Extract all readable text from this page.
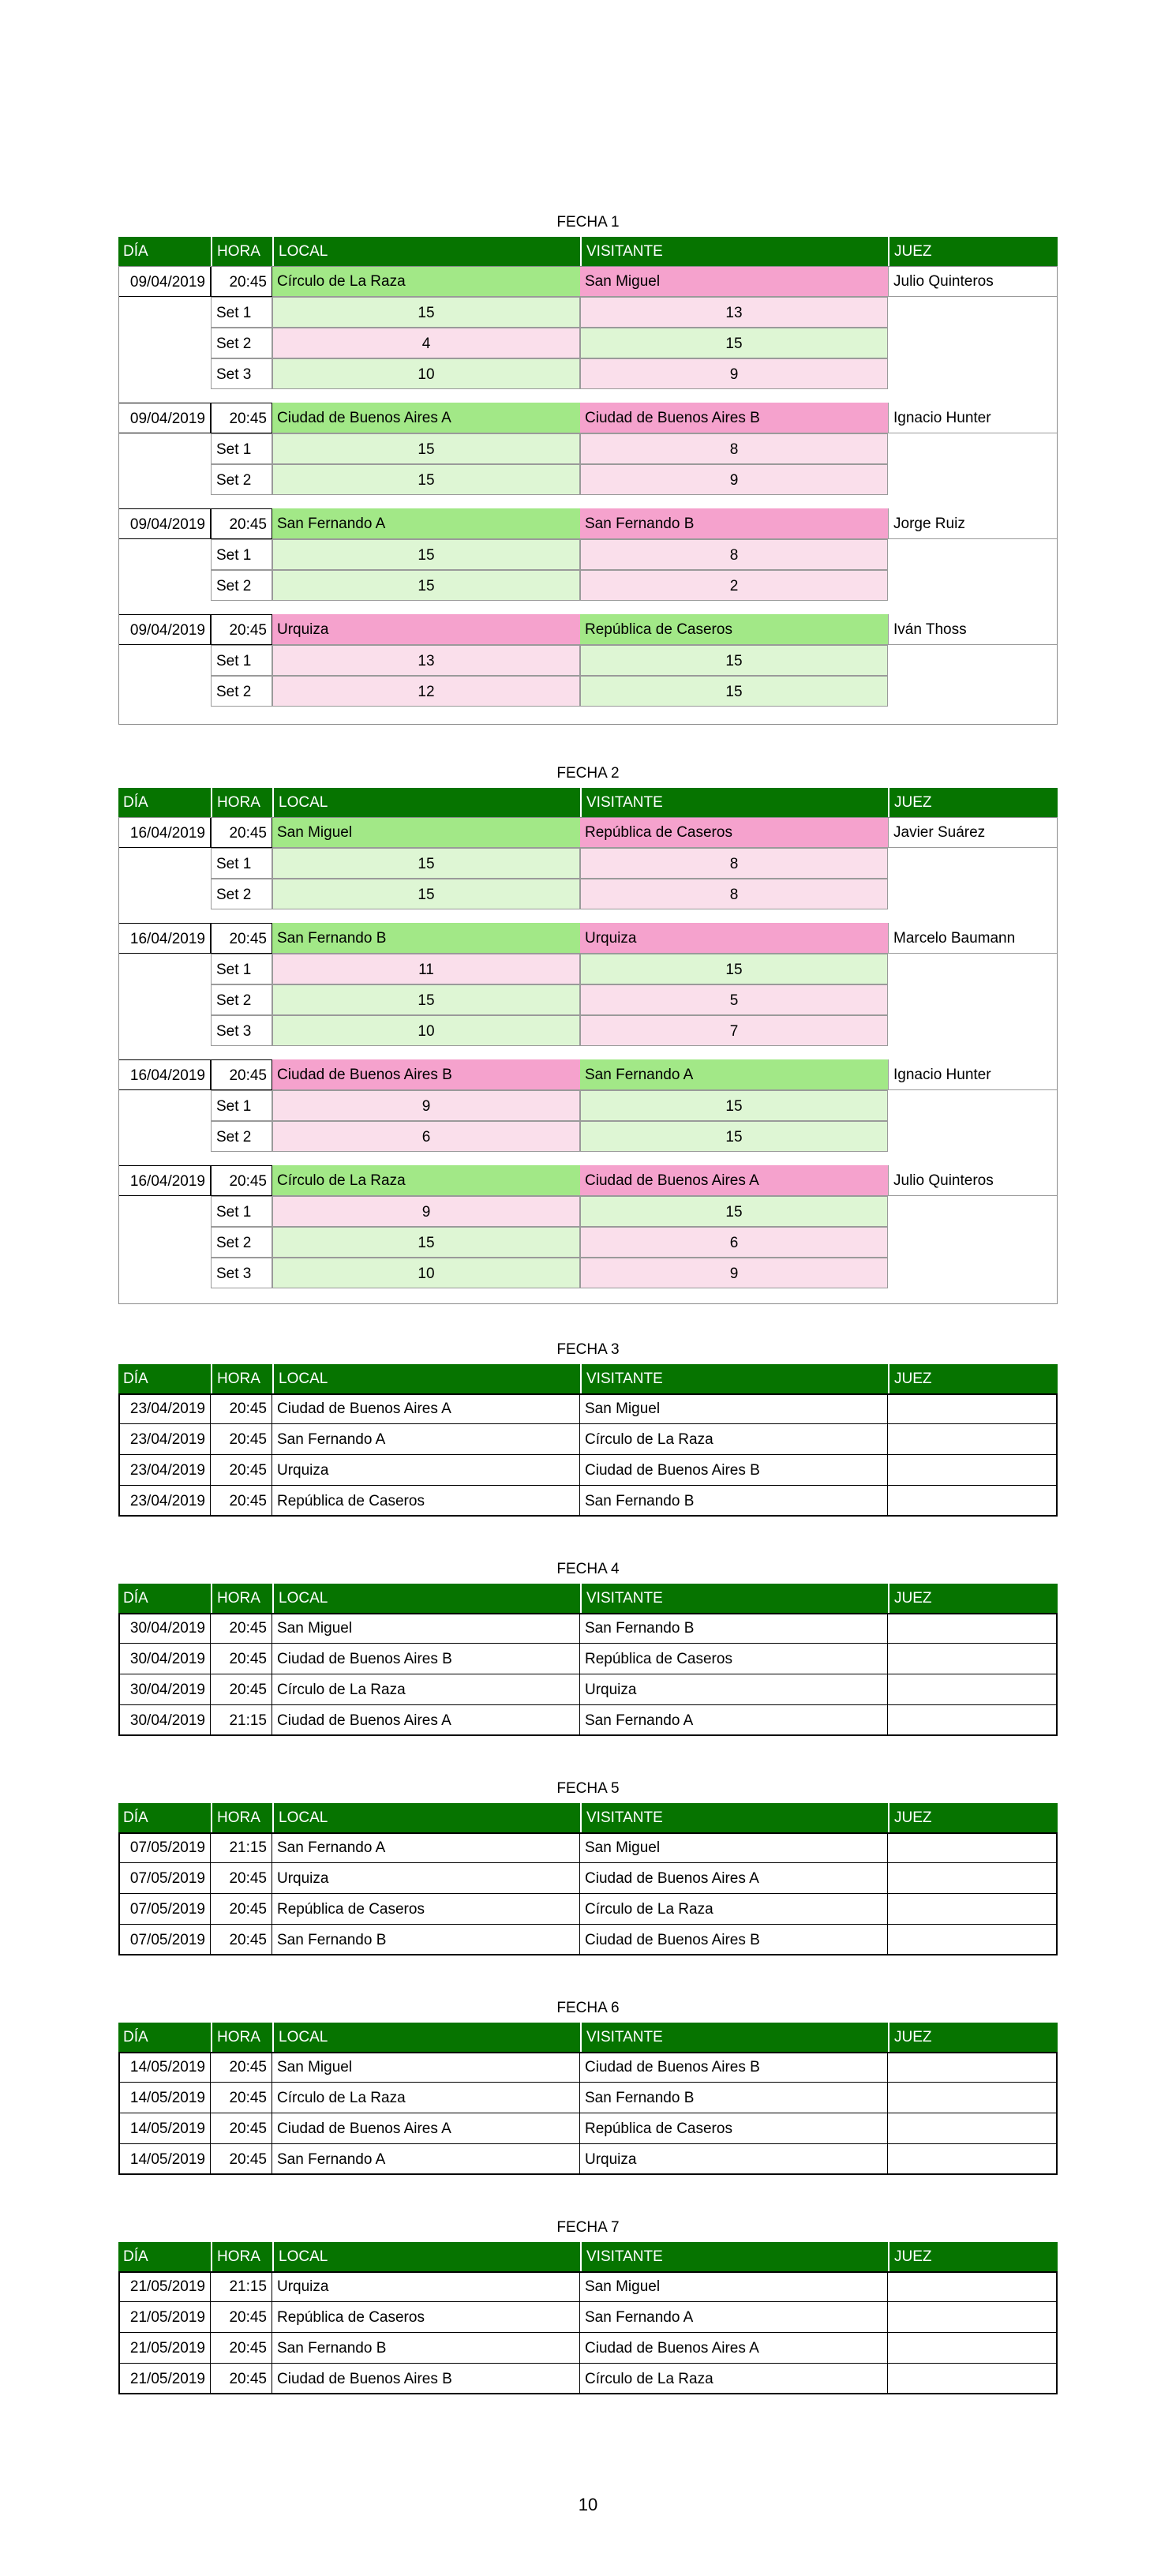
FECHA 1
DÍA	HORA	LOCAL	VISITANTE	JUEZ
09/04/2019	20:45 Círculo de La Raza	San Miguel	Julio Quinteros
Set 1	15	13
Set 2	4	15
Set 3	10	9
09/04/2019	20:45 Ciudad de Buenos Aires A	Ciudad de Buenos Aires B	Ignacio Hunter
Set 1	15	8
Set 2	15	9
09/04/2019	20:45 San Fernando A	San Fernando B	Jorge Ruiz
Set 1	15	8
Set 2	15	2
09/04/2019	20:45 Urquiza	República de Caseros	Iván Thoss
Set 1	13	15
Set 2	12	15
FECHA 2
DÍA	HORA	LOCAL	VISITANTE	JUEZ
16/04/2019	20:45 San Miguel	República de Caseros	Javier Suárez
Set 1	15	8
Set 2	15	8
16/04/2019	20:45 San Fernando B	Urquiza	Marcelo Baumann
Set 1	11	15
Set 2	15	5
Set 3	10	7
16/04/2019	20:45 Ciudad de Buenos Aires B	San Fernando A	Ignacio Hunter
Set 1	9	15
Set 2	6	15
16/04/2019	20:45 Círculo de La Raza	Ciudad de Buenos Aires A	Julio Quinteros
Set 1	9	15
Set 2	15	6
Set 3	10	9
FECHA 3
DÍA	HORA	LOCAL	VISITANTE	JUEZ
23/04/2019	20:45 Ciudad de Buenos Aires A	San Miguel
23/04/2019	20:45 San Fernando A	Círculo de La Raza
23/04/2019	20:45 Urquiza	Ciudad de Buenos Aires B
23/04/2019	20:45 República de Caseros	San Fernando B
FECHA 4
DÍA	HORA	LOCAL	VISITANTE	JUEZ
30/04/2019	20:45 San Miguel	San Fernando B
30/04/2019	20:45 Ciudad de Buenos Aires B	República de Caseros
30/04/2019	20:45 Círculo de La Raza	Urquiza
30/04/2019	21:15 Ciudad de Buenos Aires A	San Fernando A
FECHA 5
DÍA	HORA	LOCAL	VISITANTE	JUEZ
07/05/2019	21:15 San Fernando A	San Miguel
07/05/2019	20:45 Urquiza	Ciudad de Buenos Aires A
07/05/2019	20:45 República de Caseros	Círculo de La Raza
07/05/2019	20:45 San Fernando B	Ciudad de Buenos Aires B
FECHA 6
DÍA	HORA	LOCAL	VISITANTE	JUEZ
14/05/2019	20:45 San Miguel	Ciudad de Buenos Aires B
14/05/2019	20:45 Círculo de La Raza	San Fernando B
14/05/2019	20:45 Ciudad de Buenos Aires A	República de Caseros
14/05/2019	20:45 San Fernando A	Urquiza
FECHA 7
DÍA	HORA	LOCAL	VISITANTE	JUEZ
21/05/2019	21:15 Urquiza	San Miguel
21/05/2019	20:45 República de Caseros	San Fernando A
21/05/2019	20:45 San Fernando B	Ciudad de Buenos Aires A
21/05/2019	20:45 Ciudad de Buenos Aires B	Círculo de La Raza
10
